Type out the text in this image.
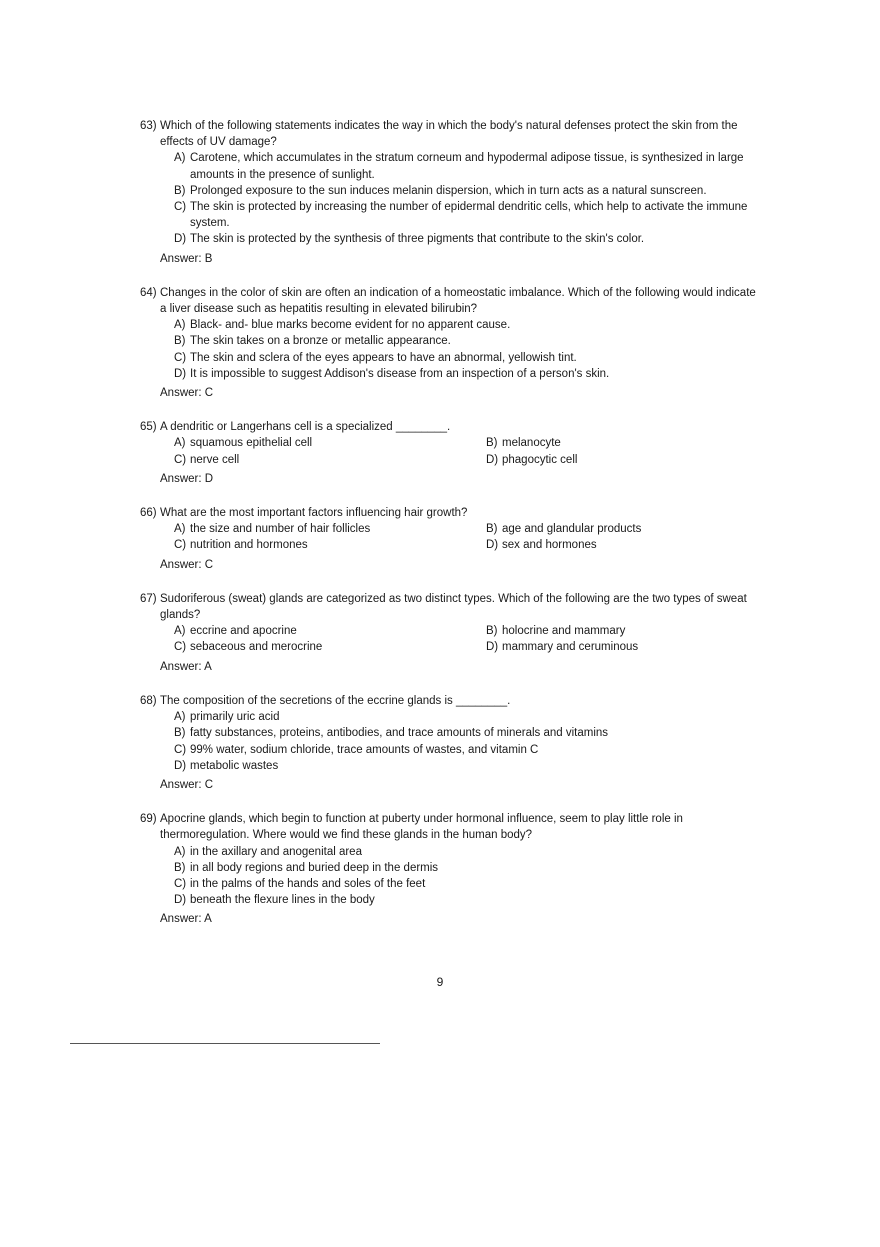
63) Which of the following statements indicates the way in which the body's natural defenses protect the skin from the effects of UV damage?
A) Carotene, which accumulates in the stratum corneum and hypodermal adipose tissue, is synthesized in large amounts in the presence of sunlight.
B) Prolonged exposure to the sun induces melanin dispersion, which in turn acts as a natural sunscreen.
C) The skin is protected by increasing the number of epidermal dendritic cells, which help to activate the immune system.
D) The skin is protected by the synthesis of three pigments that contribute to the skin's color.
Answer: B
64) Changes in the color of skin are often an indication of a homeostatic imbalance. Which of the following would indicate a liver disease such as hepatitis resulting in elevated bilirubin?
A) Black- and- blue marks become evident for no apparent cause.
B) The skin takes on a bronze or metallic appearance.
C) The skin and sclera of the eyes appears to have an abnormal, yellowish tint.
D) It is impossible to suggest Addison's disease from an inspection of a person's skin.
Answer: C
65) A dendritic or Langerhans cell is a specialized ________.
A) squamous epithelial cell	B) melanocyte
C) nerve cell	D) phagocytic cell
Answer: D
66) What are the most important factors influencing hair growth?
A) the size and number of hair follicles	B) age and glandular products
C) nutrition and hormones	D) sex and hormones
Answer: C
67) Sudoriferous (sweat) glands are categorized as two distinct types. Which of the following are the two types of sweat glands?
A) eccrine and apocrine	B) holocrine and mammary
C) sebaceous and merocrine	D) mammary and ceruminous
Answer: A
68) The composition of the secretions of the eccrine glands is ________.
A) primarily uric acid
B) fatty substances, proteins, antibodies, and trace amounts of minerals and vitamins
C) 99% water, sodium chloride, trace amounts of wastes, and vitamin C
D) metabolic wastes
Answer: C
69) Apocrine glands, which begin to function at puberty under hormonal influence, seem to play little role in thermoregulation. Where would we find these glands in the human body?
A) in the axillary and anogenital area
B) in all body regions and buried deep in the dermis
C) in the palms of the hands and soles of the feet
D) beneath the flexure lines in the body
Answer: A
9
